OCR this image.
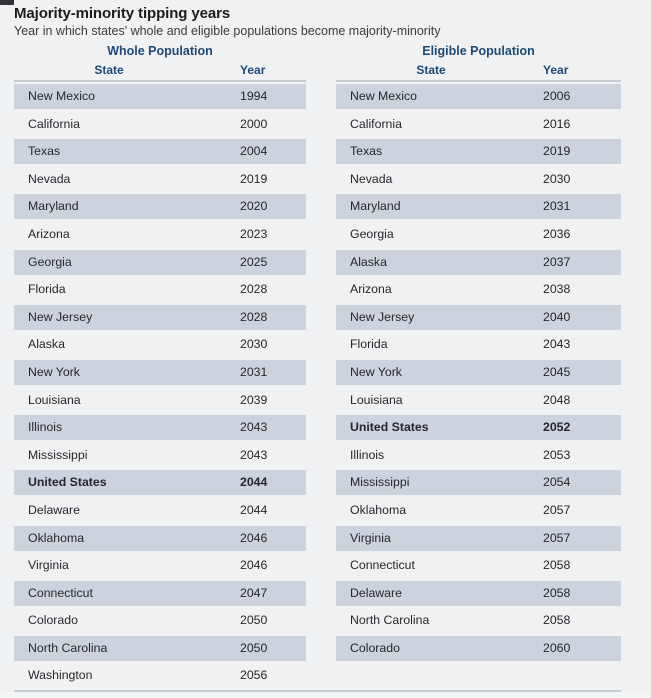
Majority-minority tipping years
Year in which states' whole and eligible populations become majority-minority
Whole Population
State	Year
New Mexico	1994
California	2000
Texas	2004
Nevada	2019
Maryland	2020
Arizona	2023
Georgia	2025
Florida	2028
New Jersey	2028
Alaska	2030
New York	2031
Louisiana	2039
Illinois	2043
Mississippi	2043
United States	2044
Delaware	2044
Oklahoma	2046
Virginia	2046
Connecticut	2047
Colorado	2050
North Carolina	2050
Washington	2056
Eligible Population
State	Year
New Mexico	2006
California	2016
Texas	2019
Nevada	2030
Maryland	2031
Georgia	2036
Alaska	2037
Arizona	2038
New Jersey	2040
Florida	2043
New York	2045
Louisiana	2048
United States	2052
Illinois	2053
Mississippi	2054
Oklahoma	2057
Virginia	2057
Connecticut	2058
Delaware	2058
North Carolina	2058
Colorado	2060
